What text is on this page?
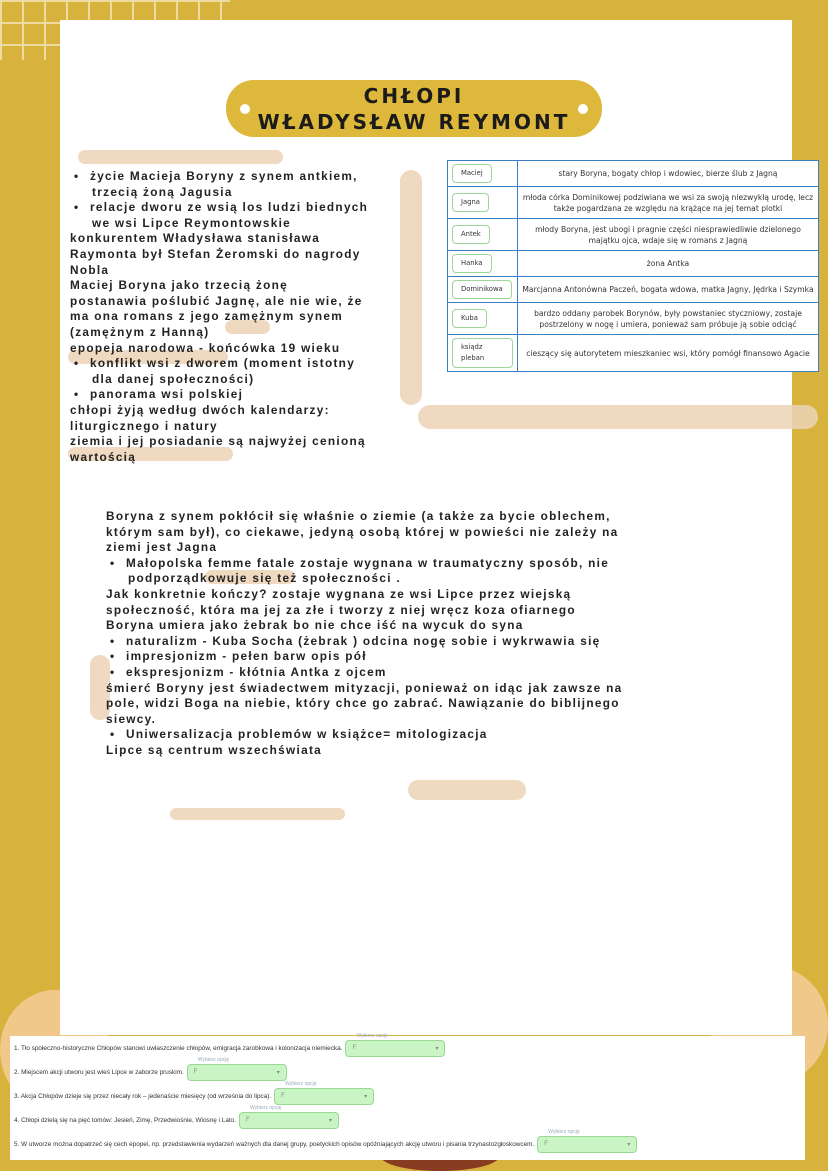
CHŁOPI
WŁADYSŁAW REYMONT
• życie Macieja Boryny z synem antkiem,
trzecią żoną Jagusia
• relacje dworu ze wsią los ludzi biednych
we wsi Lipce Reymontowskie
konkurentem Władysława stanisława
Raymonta był Stefan Żeromski do nagrody
Nobla
Maciej Boryna jako trzecią żonę
postanawia poślubić Jagnę, ale nie wie, że
ma ona romans z jego zamężnym synem
(zamężnym z Hanną)
epopeja narodowa - końcówka 19 wieku
• konflikt wsi z dworem (moment istotny
dla danej społeczności)
• panorama wsi polskiej
chłopi żyją według dwóch kalendarzy:
liturgicznego i natury
ziemia i jej posiadanie są najwyżej cenioną
wartością
Boryna z synem pokłócił się właśnie o ziemie (a także za bycie oblechem,
którym sam był), co ciekawe, jedyną osobą której w powieści nie zależy na
ziemi jest Jagna
• Małopolska femme fatale zostaje wygnana w traumatyczny sposób, nie
podporządkowuje się też społeczności .
Jak konkretnie kończy? zostaje wygnana ze wsi Lipce przez wiejską
społeczność, która ma jej za złe i tworzy z niej wręcz koza ofiarnego
Boryna umiera jako żebrak bo nie chce iść na wycuk do syna
• naturalizm - Kuba Socha (żebrak ) odcina nogę sobie i wykrwawia się
• impresjonizm - pełen barw opis pół
• ekspresjonizm - kłótnia Antka z ojcem
śmierć Boryny jest świadectwem mityzacji, ponieważ on idąc jak zawsze na
pole, widzi Boga na niebie, który chce go zabrać. Nawiązanie do biblijnego
siewcy.
• Uniwersalizacja problemów w książce= mitologizacja
Lipce są centrum wszechświata
Maciej	stary Boryna, bogaty chłop i wdowiec, bierze ślub z Jagną
Jagna	młoda córka Dominikowej podziwiana we wsi za swoją niezwykłą urodę, lecz także pogardzana ze względu na krążące na jej temat plotki
Antek	młody Boryna, jest ubogi i pragnie części niesprawiedliwie dzielonego majątku ojca, wdaje się w romans z Jagną
Hanka	żona Antka
Dominikowa	Marcjanna Antonówna Paczeń, bogata wdowa, matka Jagny, Jędrka i Szymka
Kuba	bardzo oddany parobek Borynów, były powstaniec styczniowy, zostaje postrzelony w nogę i umiera, ponieważ sam próbuje ją sobie odciąć
ksiądz pleban	cieszący się autorytetem mieszkaniec wsi, który pomógł finansowo Agacie
1. Tło społeczno-historyczne Chłopów stanowi uwłaszczenie chłopów, emigracja zarobkowa i kolonizacja niemiecka.
Wybierz opcję
F	▾
2. Miejscem akcji utworu jest wieś Lipce w zaborze pruskim.
Wybierz opcję
F	▾
3. Akcja Chłopów dzieje się przez niecały rok – jedenaście miesięcy (od września do lipca).
Wybierz opcję
F	▾
4. Chłopi dzielą się na pięć tomów: Jesień, Zimę, Przedwiośnie, Wiosnę i Lato.
Wybierz opcję
F	▾
5. W utworze można dopatrzeć się cech epopei, np. przedstawienia wydarzeń ważnych dla danej grupy, poetyckich opisów opóźniających akcję utworu i pisania trzynastozgłoskowcem.
Wybierz opcję
F	▾
